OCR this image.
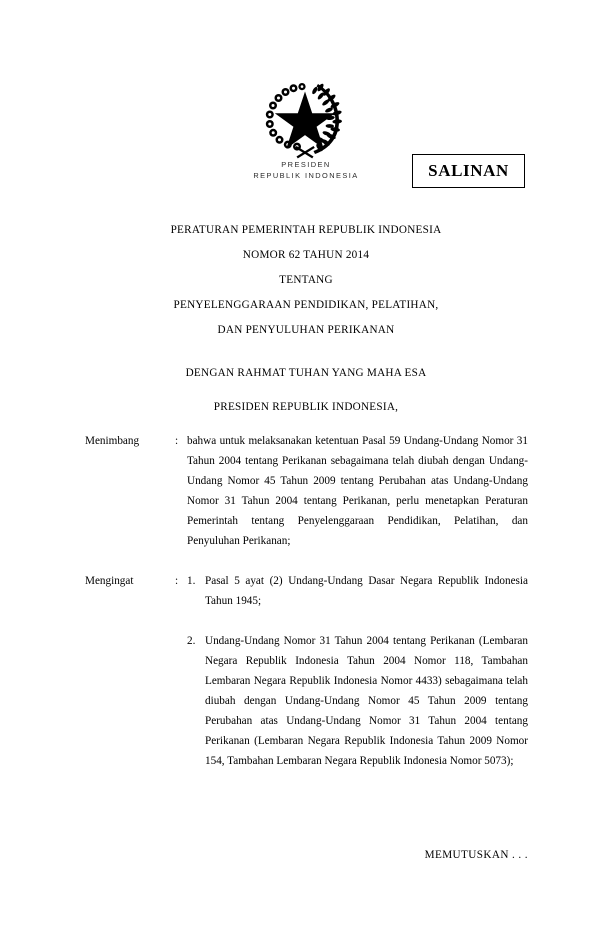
PRESIDEN
REPUBLIK INDONESIA	SALINAN
PERATURAN PEMERINTAH REPUBLIK INDONESIA
NOMOR 62 TAHUN 2014
TENTANG
PENYELENGGARAAN PENDIDIKAN, PELATIHAN,
DAN PENYULUHAN PERIKANAN
DENGAN RAHMAT TUHAN YANG MAHA ESA
PRESIDEN REPUBLIK INDONESIA,
Menimbang	: bahwa untuk melaksanakan ketentuan Pasal 59 Undang-Undang Nomor 31 Tahun 2004 tentang Perikanan sebagaimana telah diubah dengan Undang-Undang Nomor 45 Tahun 2009 tentang Perubahan atas Undang-Undang Nomor 31 Tahun 2004 tentang Perikanan, perlu menetapkan Peraturan Pemerintah tentang Penyelenggaraan Pendidikan, Pelatihan, dan Penyuluhan Perikanan;

Mengingat	: 1. Pasal 5 ayat (2) Undang-Undang Dasar Negara Republik Indonesia Tahun 1945;
2. Undang-Undang Nomor 31 Tahun 2004 tentang Perikanan (Lembaran Negara Republik Indonesia Tahun 2004 Nomor 118, Tambahan Lembaran Negara Republik Indonesia Nomor 4433) sebagaimana telah diubah dengan Undang-Undang Nomor 45 Tahun 2009 tentang Perubahan atas Undang-Undang Nomor 31 Tahun 2004 tentang Perikanan (Lembaran Negara Republik Indonesia Tahun 2009 Nomor 154, Tambahan Lembaran Negara Republik Indonesia Nomor 5073);
MEMUTUSKAN . . .
